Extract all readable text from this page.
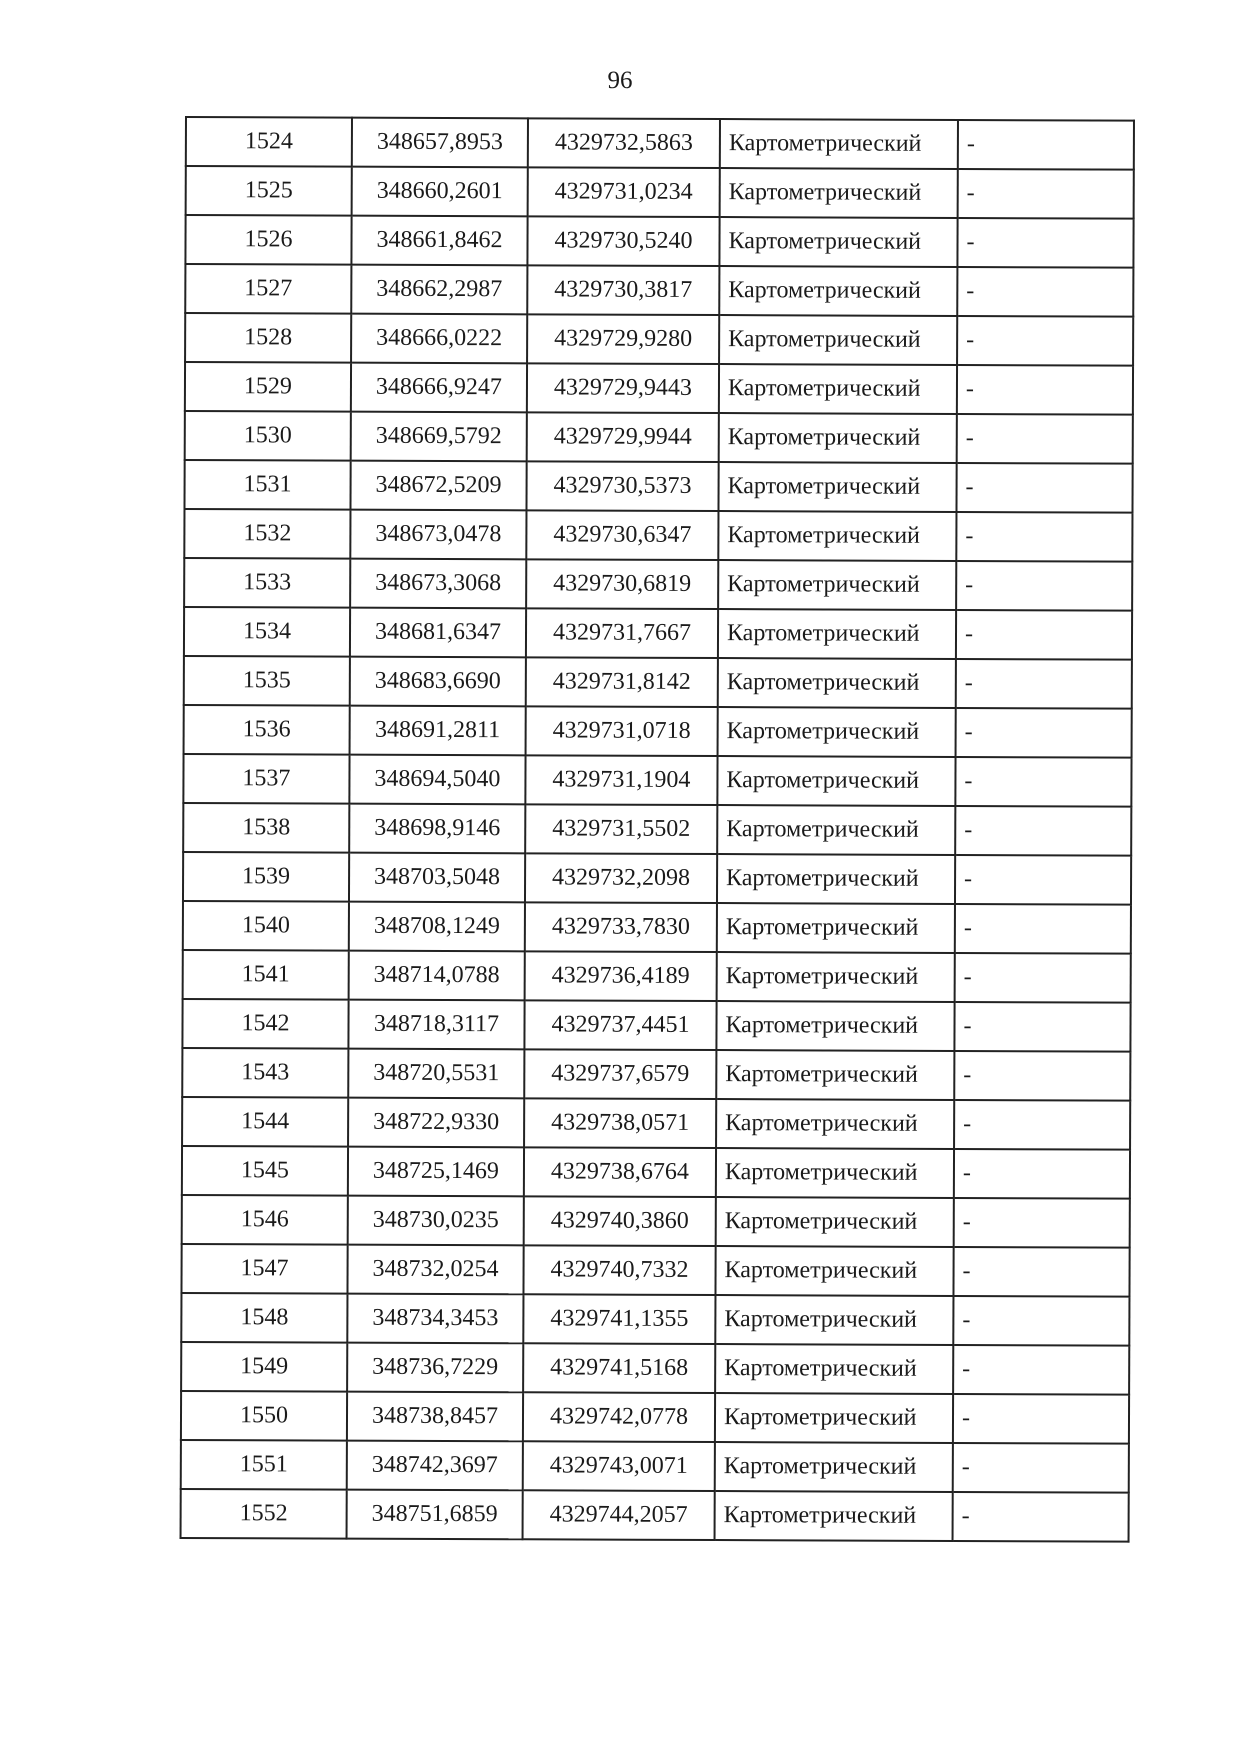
96
1524	348657,8953	4329732,5863	Картометрический	-
1525	348660,2601	4329731,0234	Картометрический	-
1526	348661,8462	4329730,5240	Картометрический	-
1527	348662,2987	4329730,3817	Картометрический	-
1528	348666,0222	4329729,9280	Картометрический	-
1529	348666,9247	4329729,9443	Картометрический	-
1530	348669,5792	4329729,9944	Картометрический	-
1531	348672,5209	4329730,5373	Картометрический	-
1532	348673,0478	4329730,6347	Картометрический	-
1533	348673,3068	4329730,6819	Картометрический	-
1534	348681,6347	4329731,7667	Картометрический	-
1535	348683,6690	4329731,8142	Картометрический	-
1536	348691,2811	4329731,0718	Картометрический	-
1537	348694,5040	4329731,1904	Картометрический	-
1538	348698,9146	4329731,5502	Картометрический	-
1539	348703,5048	4329732,2098	Картометрический	-
1540	348708,1249	4329733,7830	Картометрический	-
1541	348714,0788	4329736,4189	Картометрический	-
1542	348718,3117	4329737,4451	Картометрический	-
1543	348720,5531	4329737,6579	Картометрический	-
1544	348722,9330	4329738,0571	Картометрический	-
1545	348725,1469	4329738,6764	Картометрический	-
1546	348730,0235	4329740,3860	Картометрический	-
1547	348732,0254	4329740,7332	Картометрический	-
1548	348734,3453	4329741,1355	Картометрический	-
1549	348736,7229	4329741,5168	Картометрический	-
1550	348738,8457	4329742,0778	Картометрический	-
1551	348742,3697	4329743,0071	Картометрический	-
1552	348751,6859	4329744,2057	Картометрический	-
